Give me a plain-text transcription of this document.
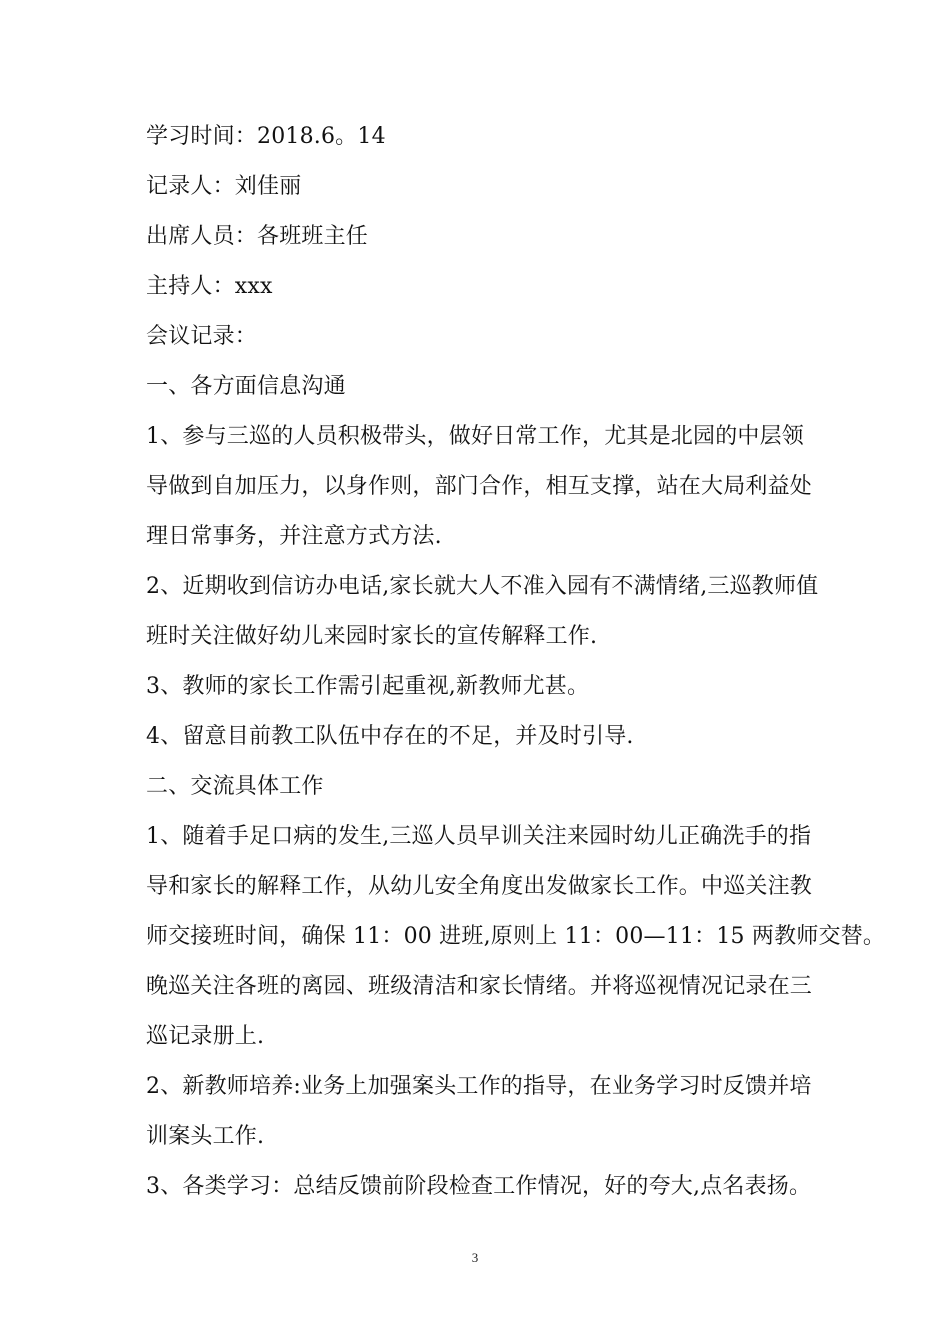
学习时间：2018.6。14
记录人：刘佳丽
出席人员：各班班主任
主持人：xxx
会议记录：
一、各方面信息沟通
1、参与三巡的人员积极带头，做好日常工作，尤其是北园的中层领
导做到自加压力，以身作则，部门合作，相互支撑，站在大局利益处
理日常事务，并注意方式方法.
2、近期收到信访办电话,家长就大人不准入园有不满情绪,三巡教师值
班时关注做好幼儿来园时家长的宣传解释工作.
3、教师的家长工作需引起重视,新教师尤甚。
4、留意目前教工队伍中存在的不足，并及时引导.
二、交流具体工作
1、随着手足口病的发生,三巡人员早训关注来园时幼儿正确洗手的指
导和家长的解释工作，从幼儿安全角度出发做家长工作。中巡关注教
师交接班时间，确保 11：00 进班,原则上 11：00—11：15 两教师交替。
晚巡关注各班的离园、班级清洁和家长情绪。并将巡视情况记录在三
巡记录册上.
2、新教师培养:业务上加强案头工作的指导，在业务学习时反馈并培
训案头工作.
3、各类学习：总结反馈前阶段检查工作情况，好的夸大,点名表扬。
3
